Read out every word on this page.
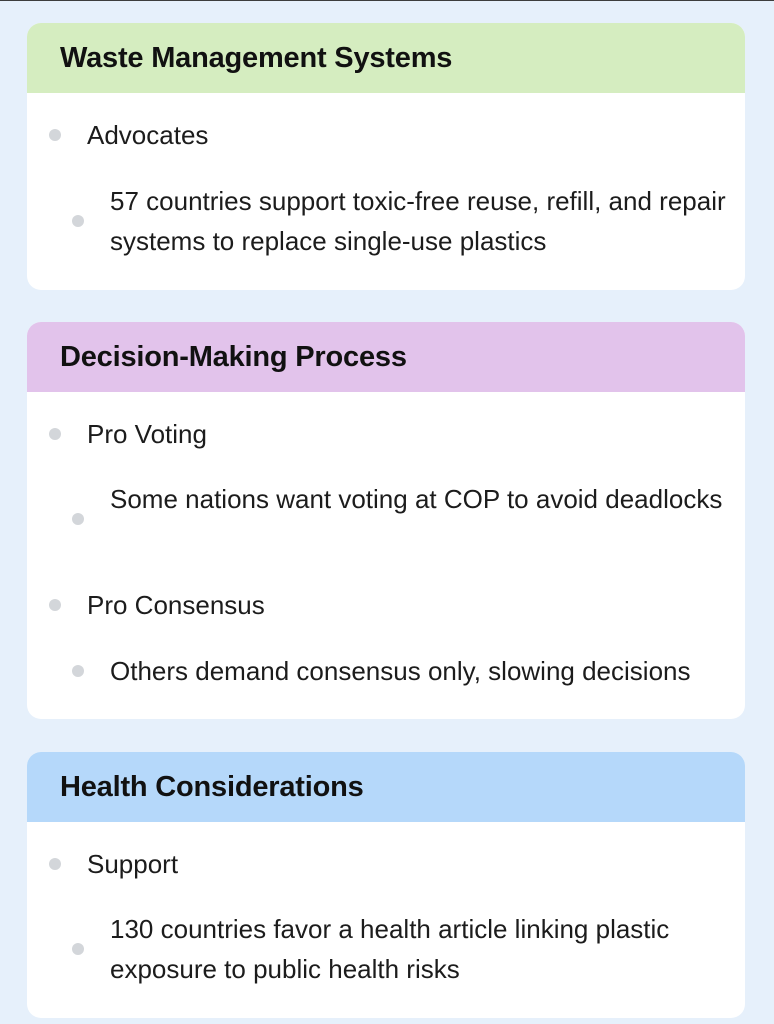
Waste Management Systems
Advocates
57 countries support toxic-free reuse, refill, and repair systems to replace single-use plastics
Decision-Making Process
Pro Voting
Some nations want voting at COP to avoid deadlocks
Pro Consensus
Others demand consensus only, slowing decisions
Health Considerations
Support
130 countries favor a health article linking plastic exposure to public health risks
